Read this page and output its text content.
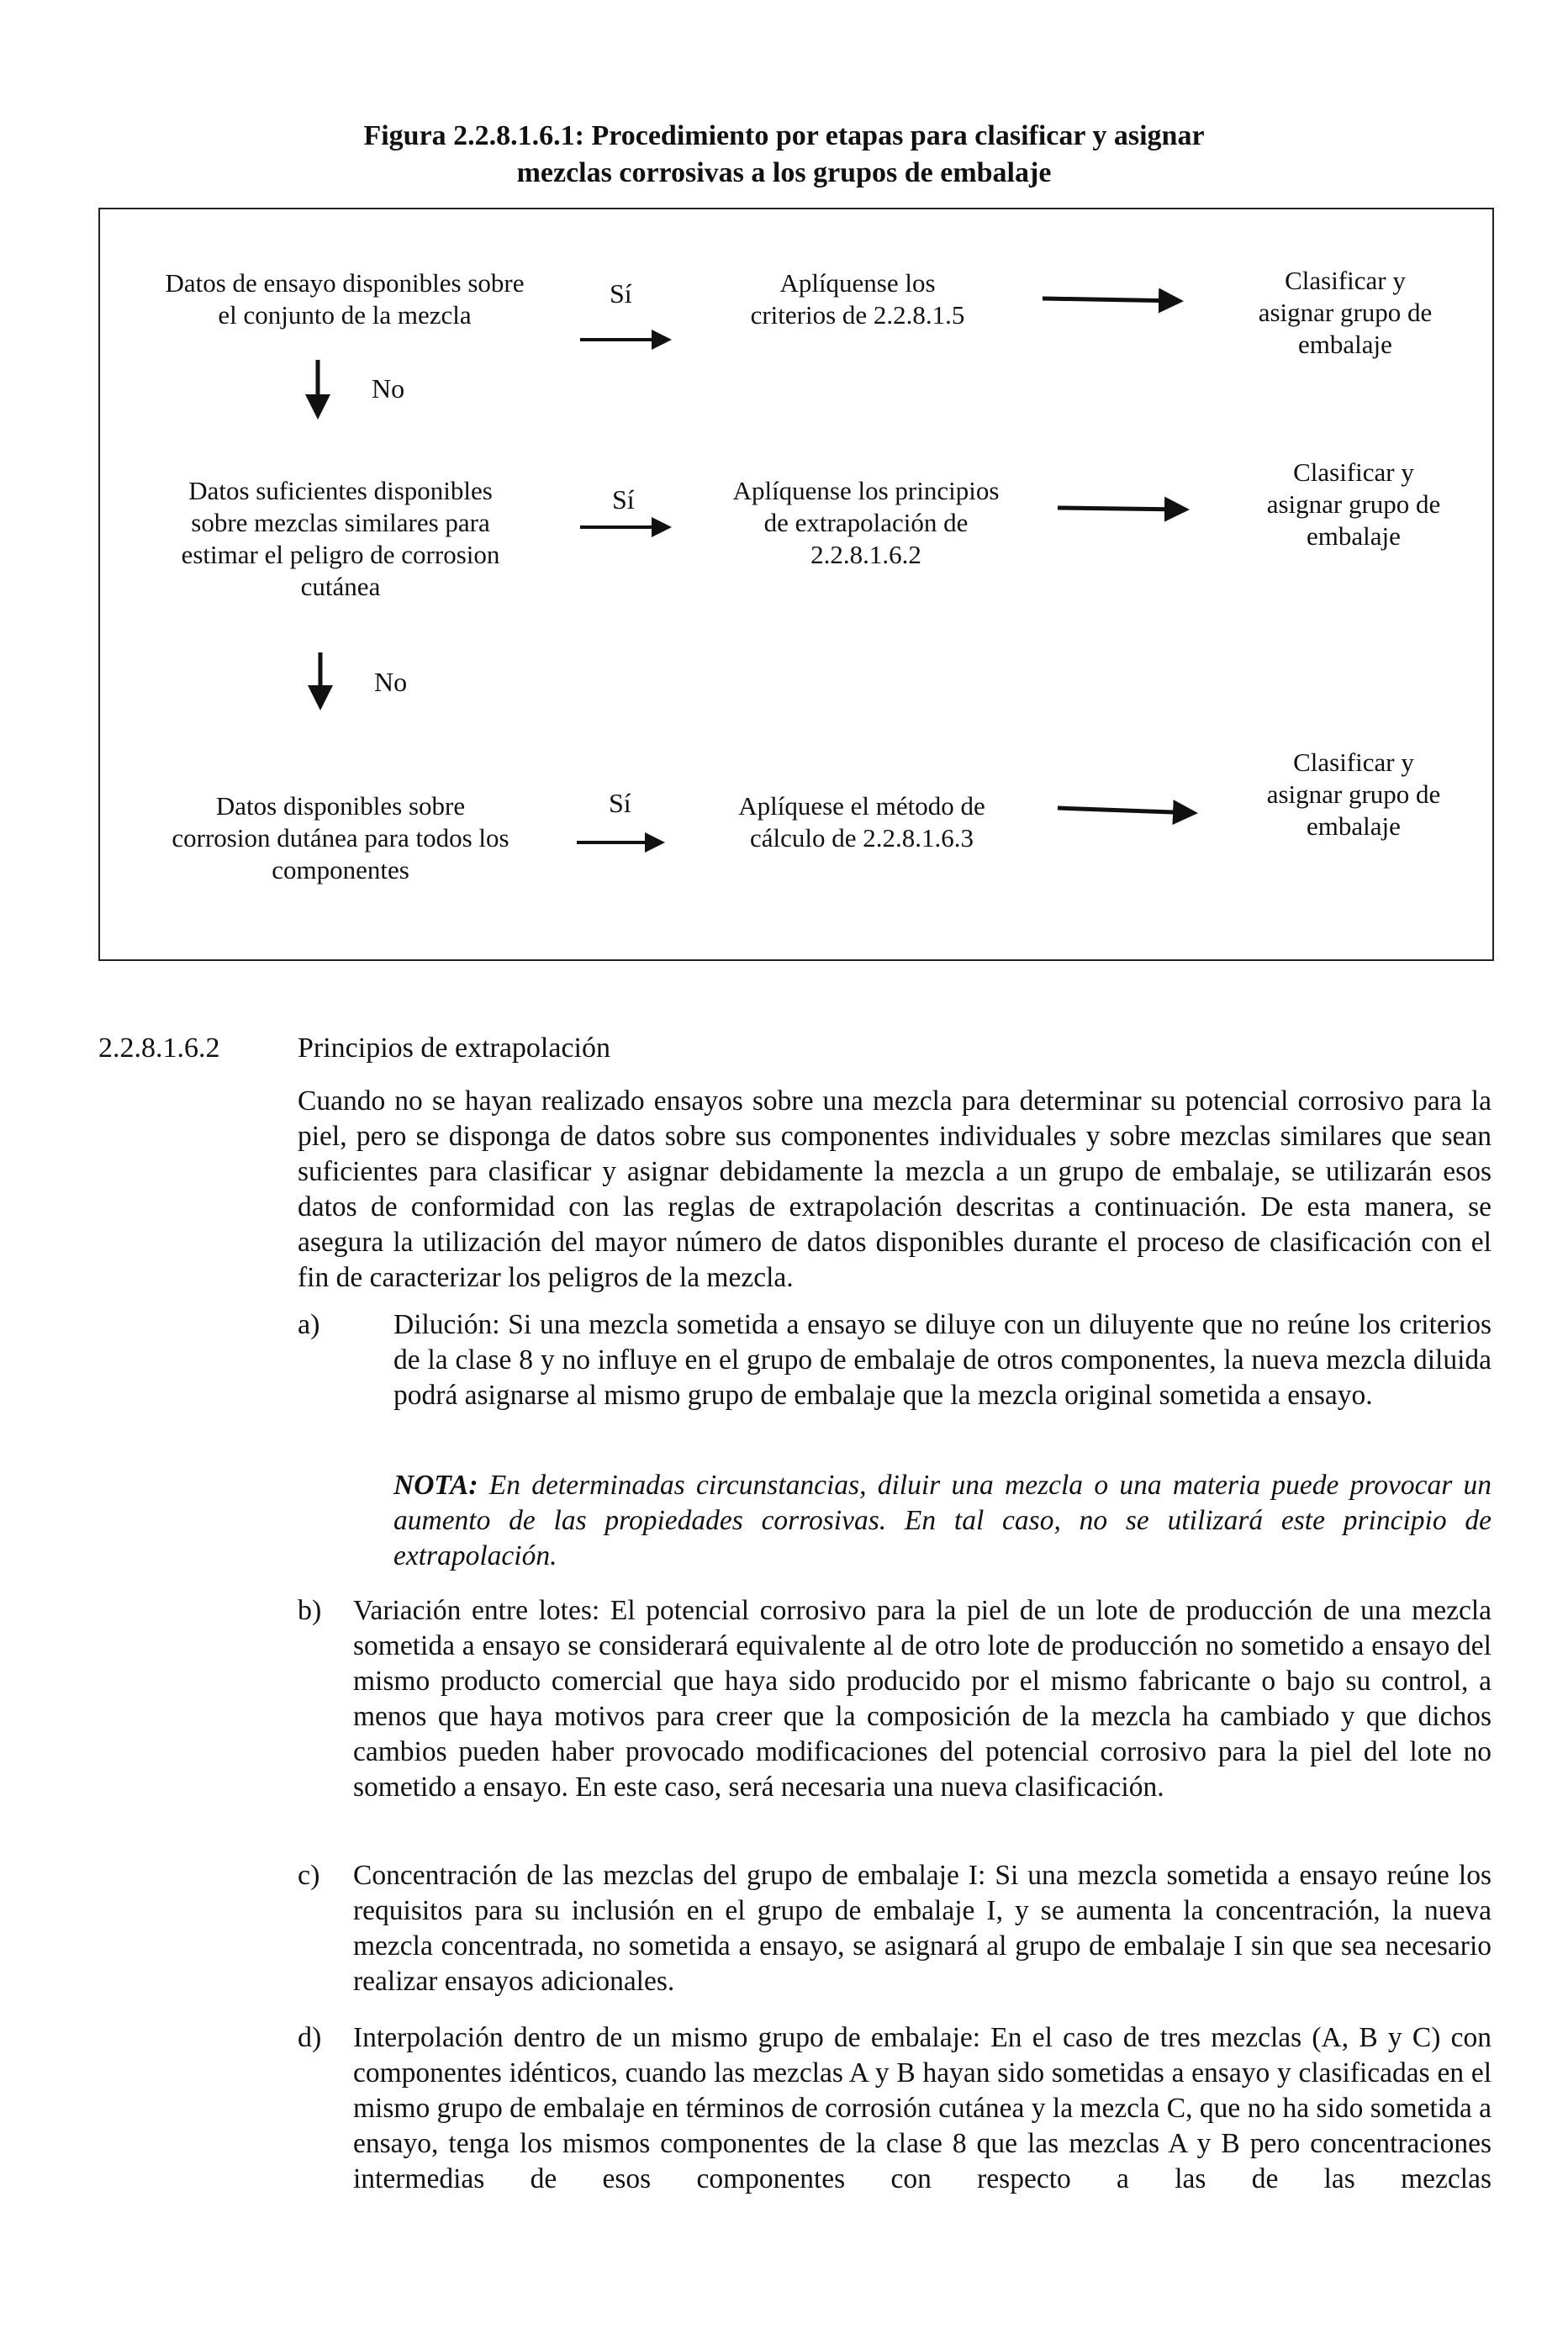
Figura 2.2.8.1.6.1: Procedimiento por etapas para clasificar y asignar
mezclas corrosivas a los grupos de embalaje
Datos de ensayo disponibles sobre
el conjunto de la mezcla
Sí	Aplíquense los
criterios de 2.2.8.1.5
Clasificar y
asignar grupo de
embalaje
No
Datos suficientes disponibles
sobre mezclas similares para
estimar el peligro de corrosion
cutánea
Sí	Aplíquense los principios
de extrapolación de
2.2.8.1.6.2
Clasificar y
asignar grupo de
embalaje
No
Datos disponibles sobre
corrosion dutánea para todos los
componentes
Sí	Aplíquese el método de
cálculo de 2.2.8.1.6.3
Clasificar y
asignar grupo de
embalaje
2.2.8.1.6.2	Principios de extrapolación
Cuando no se hayan realizado ensayos sobre una mezcla para determinar su potencial corrosivo para la piel, pero se disponga de datos sobre sus componentes individuales y sobre mezclas similares que sean suficientes para clasificar y asignar debidamente la mezcla a un grupo de embalaje, se utilizarán esos datos de conformidad con las reglas de extrapolación descritas a continuación. De esta manera, se asegura la utilización del mayor número de datos disponibles durante el proceso de clasificación con el fin de caracterizar los peligros de la mezcla.
a)	Dilución: Si una mezcla sometida a ensayo se diluye con un diluyente que no reúne los criterios de la clase 8 y no influye en el grupo de embalaje de otros componentes, la nueva mezcla diluida podrá asignarse al mismo grupo de embalaje que la mezcla original sometida a ensayo.
NOTA: En determinadas circunstancias, diluir una mezcla o una materia puede provocar un aumento de las propiedades corrosivas. En tal caso, no se utilizará este principio de extrapolación.
b) Variación entre lotes: El potencial corrosivo para la piel de un lote de producción de una mezcla sometida a ensayo se considerará equivalente al de otro lote de producción no sometido a ensayo del mismo producto comercial que haya sido producido por el mismo fabricante o bajo su control, a menos que haya motivos para creer que la composición de la mezcla ha cambiado y que dichos cambios pueden haber provocado modificaciones del potencial corrosivo para la piel del lote no sometido a ensayo. En este caso, será necesaria una nueva clasificación.
c) Concentración de las mezclas del grupo de embalaje I: Si una mezcla sometida a ensayo reúne los requisitos para su inclusión en el grupo de embalaje I, y se aumenta la concentración, la nueva mezcla concentrada, no sometida a ensayo, se asignará al grupo de embalaje I sin que sea necesario realizar ensayos adicionales.
d) Interpolación dentro de un mismo grupo de embalaje: En el caso de tres mezclas (A, B y C) con componentes idénticos, cuando las mezclas A y B hayan sido sometidas a ensayo y clasificadas en el mismo grupo de embalaje en términos de corrosión cutánea y la mezcla C, que no ha sido sometida a ensayo, tenga los mismos componentes de la clase 8 que las mezclas A y B pero concentraciones intermedias de esos componentes con respecto a las de las mezclas
